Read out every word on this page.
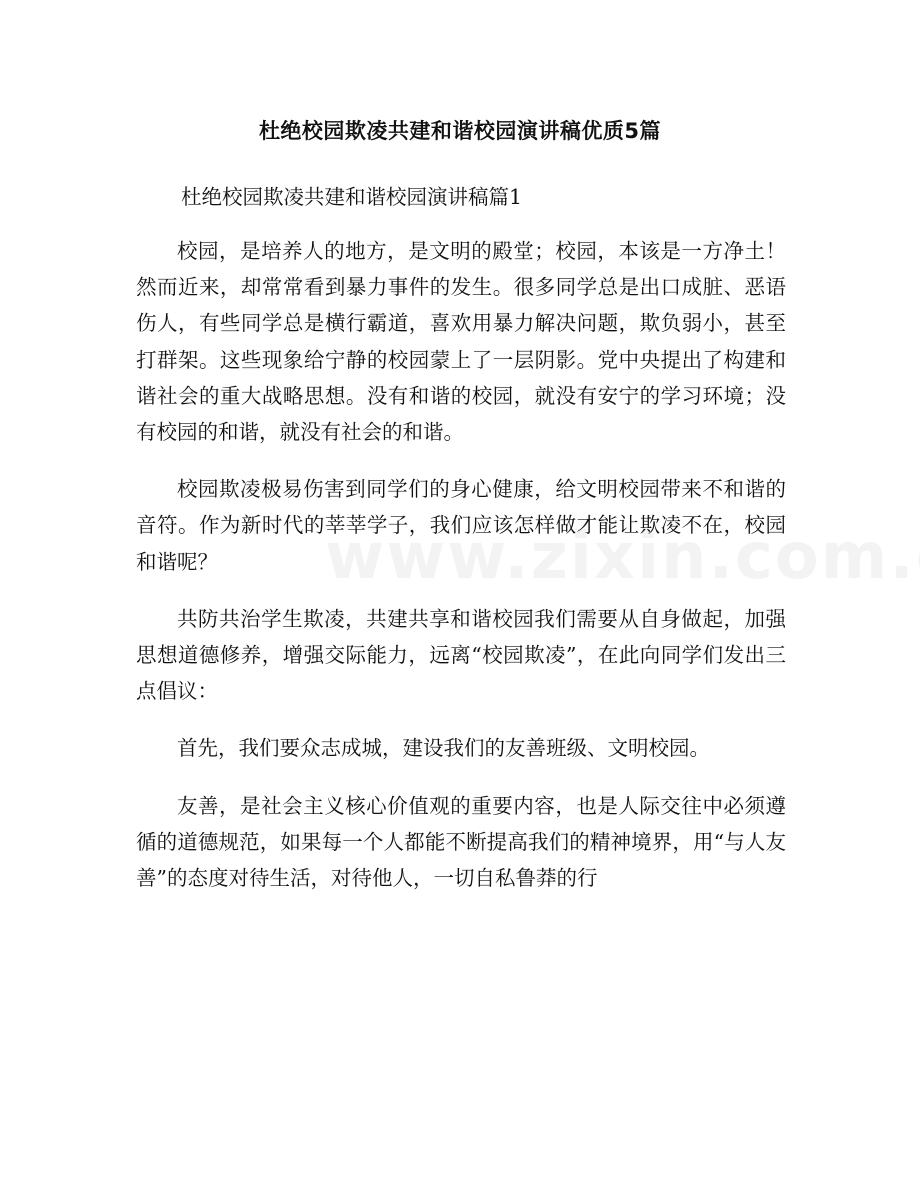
杜绝校园欺凌共建和谐校园演讲稿优质5篇
杜绝校园欺凌共建和谐校园演讲稿篇1

校园，是培养人的地方，是文明的殿堂；校园，本该是一方净土！然而近来，却常常看到暴力事件的发生。很多同学总是出口成脏、恶语伤人，有些同学总是横行霸道，喜欢用暴力解决问题，欺负弱小，甚至打群架。这些现象给宁静的校园蒙上了一层阴影。党中央提出了构建和谐社会的重大战略思想。没有和谐的校园，就没有安宁的学习环境；没有校园的和谐，就没有社会的和谐。

校园欺凌极易伤害到同学们的身心健康，给文明校园带来不和谐的音符。作为新时代的莘莘学子，我们应该怎样做才能让欺凌不在，校园和谐呢？

共防共治学生欺凌，共建共享和谐校园我们需要从自身做起，加强思想道德修养，增强交际能力，远离“校园欺凌”，在此向同学们发出三点倡议：

首先，我们要众志成城，建设我们的友善班级、文明校园。

友善，是社会主义核心价值观的重要内容，也是人际交往中必须遵循的道德规范，如果每一个人都能不断提高我们的精神境界，用“与人友善”的态度对待生活，对待他人，一切自私鲁莽的行
